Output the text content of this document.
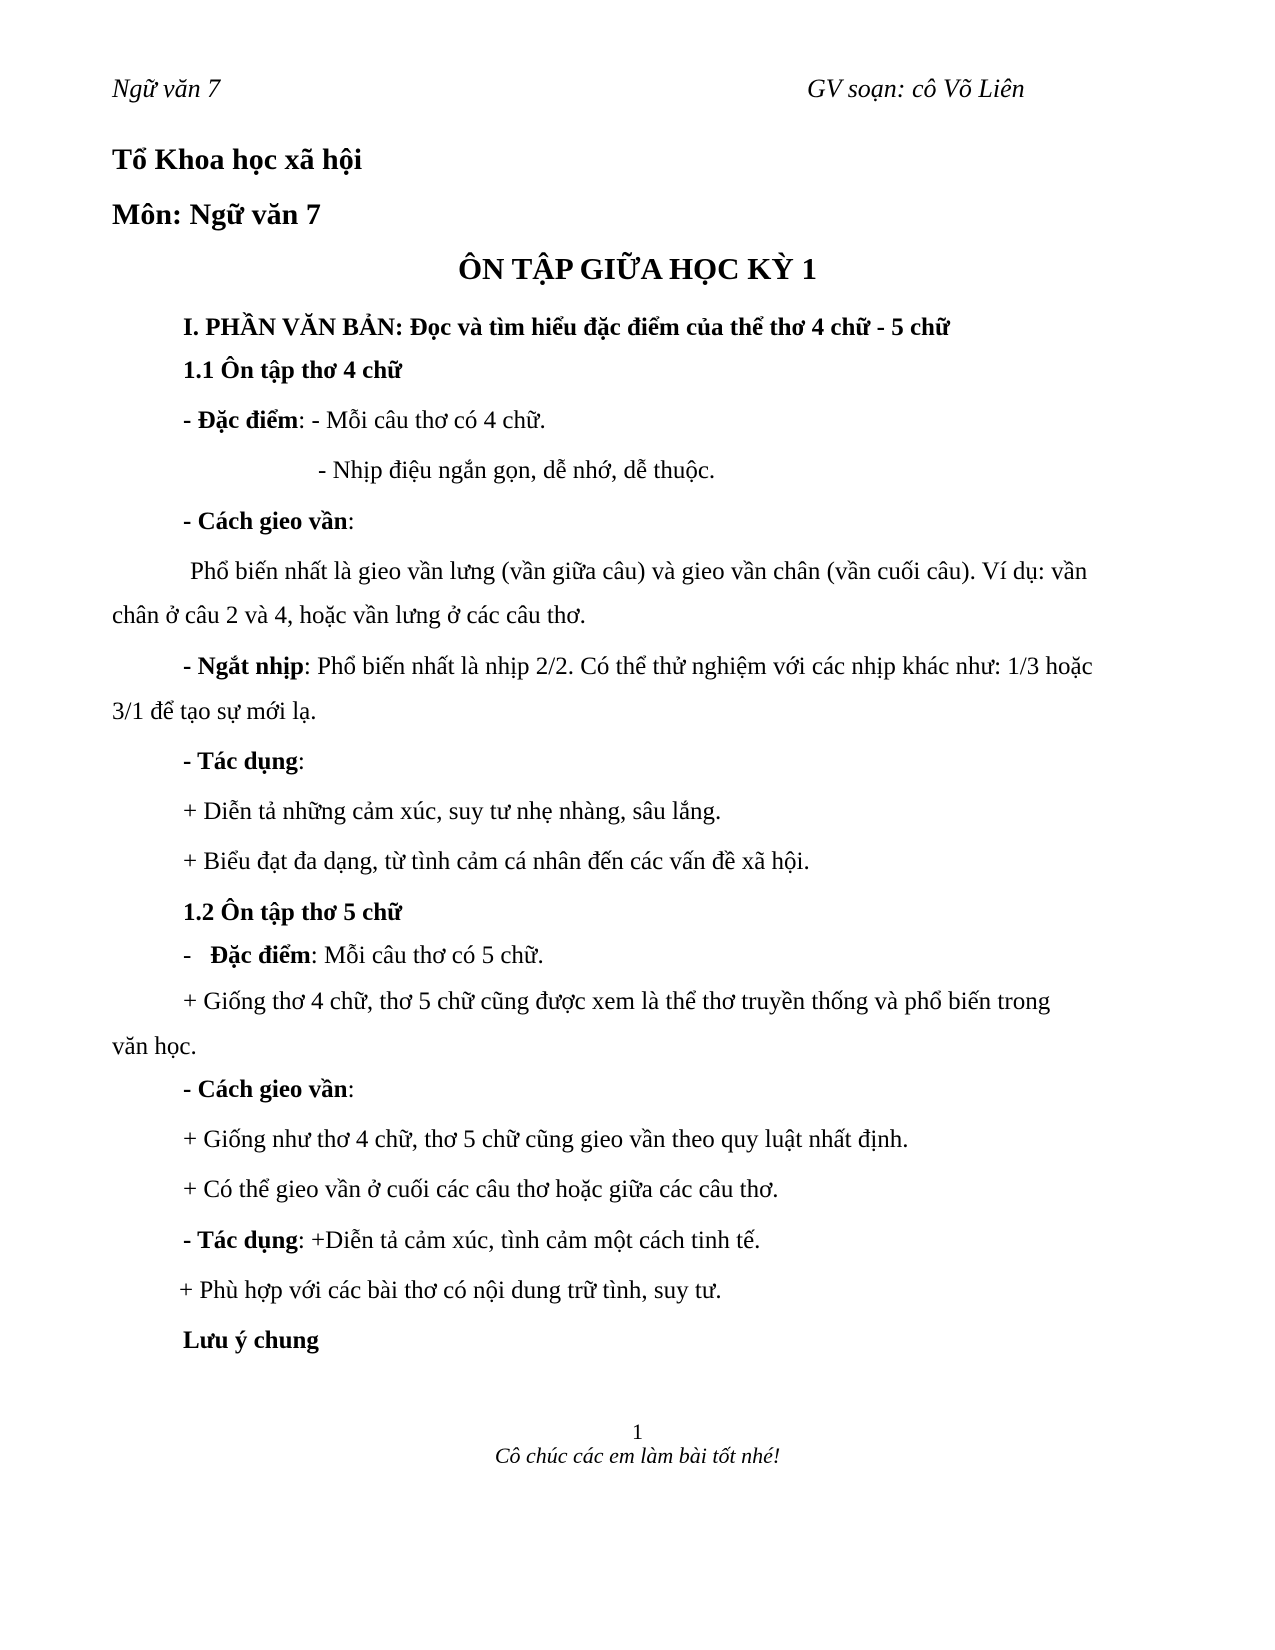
Ngữ văn 7	GV soạn: cô Võ Liên
Tổ Khoa học xã hội
Môn: Ngữ văn 7
ÔN TẬP GIỮA HỌC KỲ 1
I. PHẦN VĂN BẢN: Đọc và tìm hiểu đặc điểm của thể thơ 4 chữ - 5 chữ
1.1 Ôn tập thơ 4 chữ
- Đặc điểm: - Mỗi câu thơ có 4 chữ.
- Nhịp điệu ngắn gọn, dễ nhớ, dễ thuộc.
- Cách gieo vần:
Phổ biến nhất là gieo vần lưng (vần giữa câu) và gieo vần chân (vần cuối câu). Ví dụ: vần
chân ở câu 2 và 4, hoặc vần lưng ở các câu thơ.
- Ngắt nhịp: Phổ biến nhất là nhịp 2/2. Có thể thử nghiệm với các nhịp khác như: 1/3 hoặc
3/1 để tạo sự mới lạ.
- Tác dụng:
+ Diễn tả những cảm xúc, suy tư nhẹ nhàng, sâu lắng.
+ Biểu đạt đa dạng, từ tình cảm cá nhân đến các vấn đề xã hội.
1.2 Ôn tập thơ 5 chữ
-   Đặc điểm: Mỗi câu thơ có 5 chữ.
+ Giống thơ 4 chữ, thơ 5 chữ cũng được xem là thể thơ truyền thống và phổ biến trong
văn học.
- Cách gieo vần:
+ Giống như thơ 4 chữ, thơ 5 chữ cũng gieo vần theo quy luật nhất định.
+ Có thể gieo vần ở cuối các câu thơ hoặc giữa các câu thơ.
- Tác dụng: +Diễn tả cảm xúc, tình cảm một cách tinh tế.
+ Phù hợp với các bài thơ có nội dung trữ tình, suy tư.
Lưu ý chung
1
Cô chúc các em làm bài tốt nhé!
